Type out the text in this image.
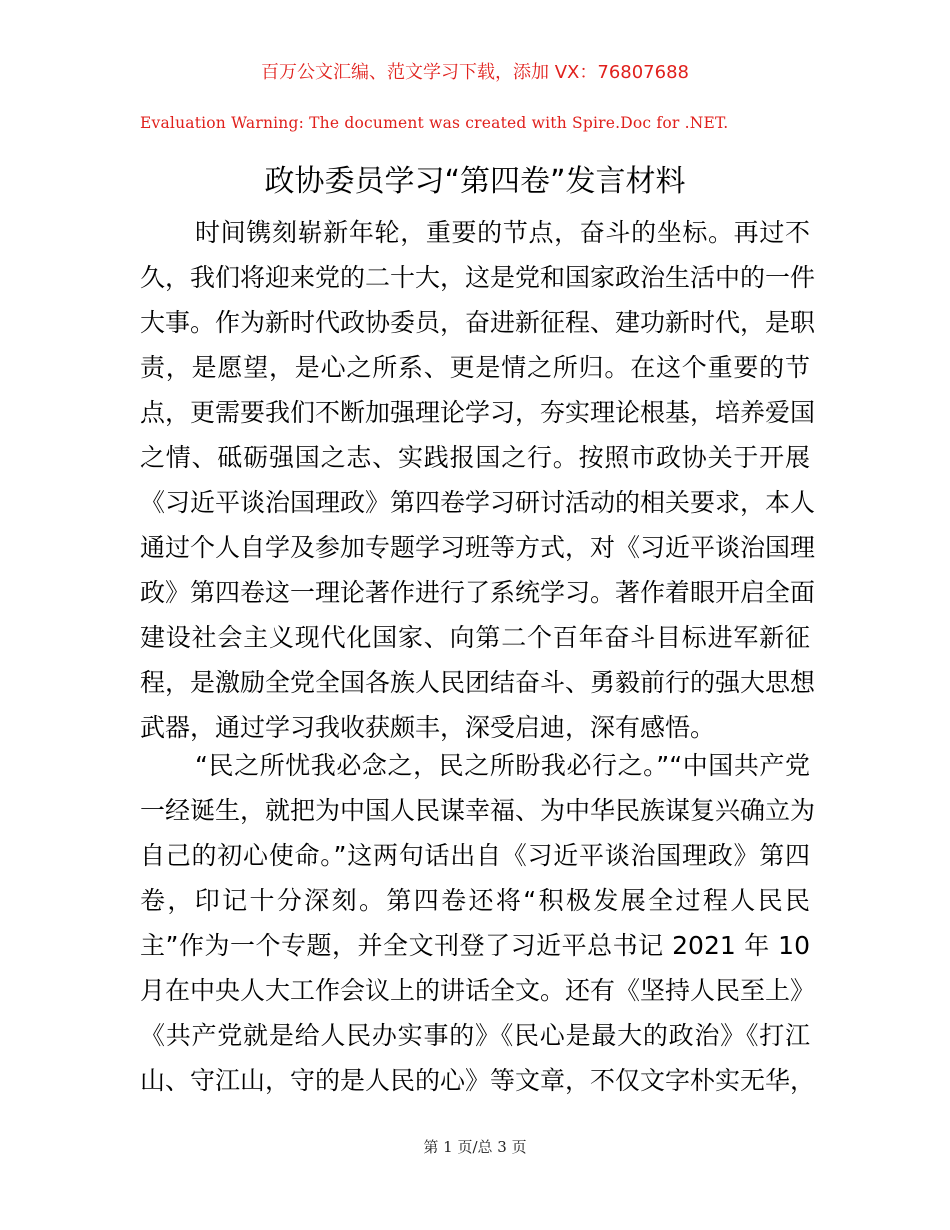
百万公文汇编、范文学习下载，添加 VX：76807688
Evaluation Warning: The document was created with Spire.Doc for .NET.
政协委员学习“第四卷”发言材料
时间镌刻崭新年轮，重要的节点，奋斗的坐标。再过不
久，我们将迎来党的二十大，这是党和国家政治生活中的一件
大事。作为新时代政协委员，奋进新征程、建功新时代，是职
责，是愿望，是心之所系、更是情之所归。在这个重要的节
点，更需要我们不断加强理论学习，夯实理论根基，培养爱国
之情、砥砺强国之志、实践报国之行。按照市政协关于开展
《习近平谈治国理政》第四卷学习研讨活动的相关要求，本人
通过个人自学及参加专题学习班等方式，对《习近平谈治国理
政》第四卷这一理论著作进行了系统学习。著作着眼开启全面
建设社会主义现代化国家、向第二个百年奋斗目标进军新征
程，是激励全党全国各族人民团结奋斗、勇毅前行的强大思想
武器，通过学习我收获颇丰，深受启迪，深有感悟。
“民之所忧我必念之，民之所盼我必行之。”“中国共产党
一经诞生，就把为中国人民谋幸福、为中华民族谋复兴确立为
自己的初心使命。”这两句话出自《习近平谈治国理政》第四
卷，印记十分深刻。第四卷还将“积极发展全过程人民民
主”作为一个专题，并全文刊登了习近平总书记 2021 年 10
月在中央人大工作会议上的讲话全文。还有《坚持人民至上》
《共产党就是给人民办实事的》《民心是最大的政治》《打江
山、守江山，守的是人民的心》等文章，不仅文字朴实无华，
第 1 页/总 3 页
